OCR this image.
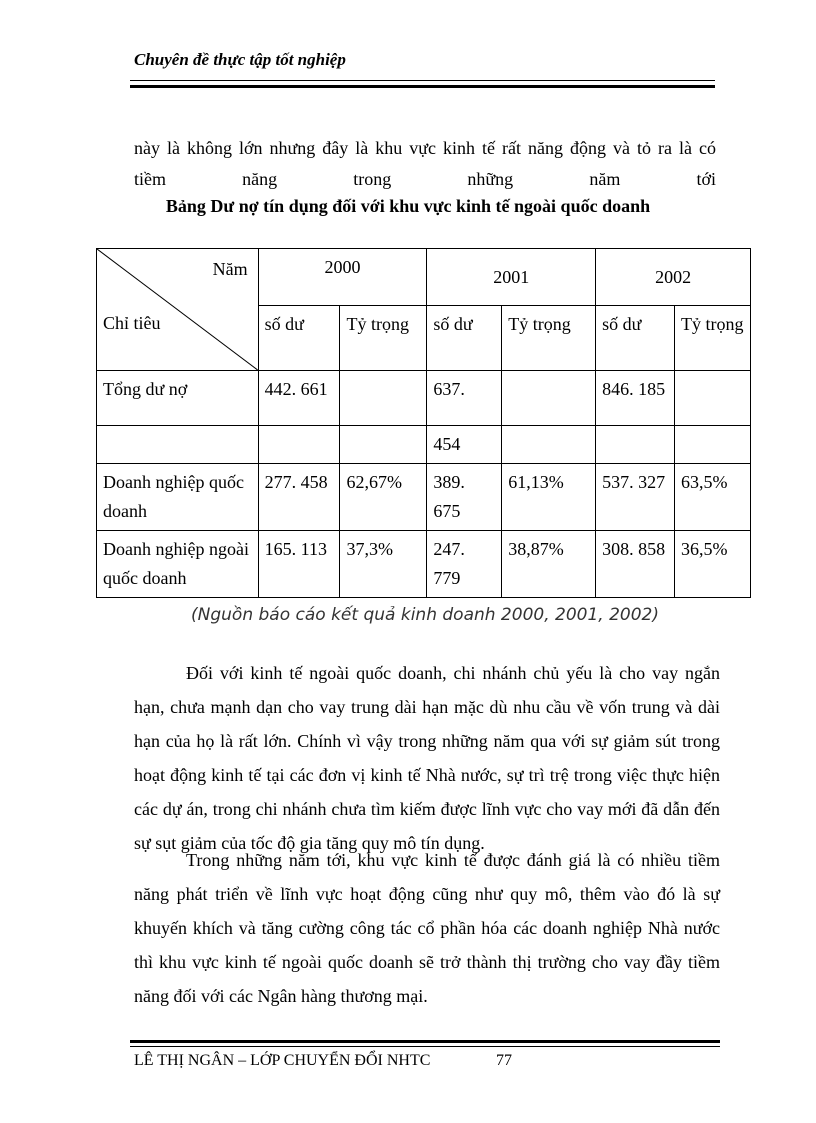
Chuyên đề thực tập tốt nghiệp
này là không lớn nhưng đây là khu vực kinh tế rất năng động và tỏ ra là có
tiềm	năng	trong	những	năm	tới
Bảng Dư nợ tín dụng đối với khu vực kinh tế ngoài quốc doanh
Năm
Chỉ tiêu	2000		2001		2002	
	số dư	Tỷ trọng	số dư	Tỷ trọng	số dư	Tỷ trọng
Tổng dư nợ	442. 661		637.		846. 185	
			454			
Doanh nghiệp quốc doanh	277. 458	62,67%	389. 675	61,13%	537. 327	63,5%
Doanh nghiệp ngoài quốc doanh	165. 113	37,3%	247. 779	38,87%	308. 858	36,5%
(Nguồn báo cáo kết quả kinh doanh 2000, 2001, 2002)
Đối với kinh tế ngoài quốc doanh, chi nhánh chủ yếu là cho vay ngắn hạn, chưa mạnh dạn cho vay trung dài hạn mặc dù nhu cầu về vốn trung và dài hạn của họ là rất lớn. Chính vì vậy trong những năm qua với sự giảm sút trong hoạt động kinh tế tại các đơn vị kinh tế Nhà nước, sự trì trệ trong việc thực hiện các dự án, trong chi nhánh chưa tìm kiếm được lĩnh vực cho vay mới đã dẫn đến sự sụt giảm của tốc độ gia tăng quy mô tín dụng.
Trong những năm tới, khu vực kinh tế được đánh giá là có nhiều tiềm năng phát triển về lĩnh vực hoạt động cũng như quy mô, thêm vào đó là sự khuyến khích và tăng cường công tác cổ phần hóa các doanh nghiệp Nhà nước thì khu vực kinh tế ngoài quốc doanh sẽ trở thành thị trường cho vay đầy tiềm năng đối với các Ngân hàng thương mại.
LÊ THỊ NGÂN – LỚP CHUYỂN ĐỔI NHTC	77
